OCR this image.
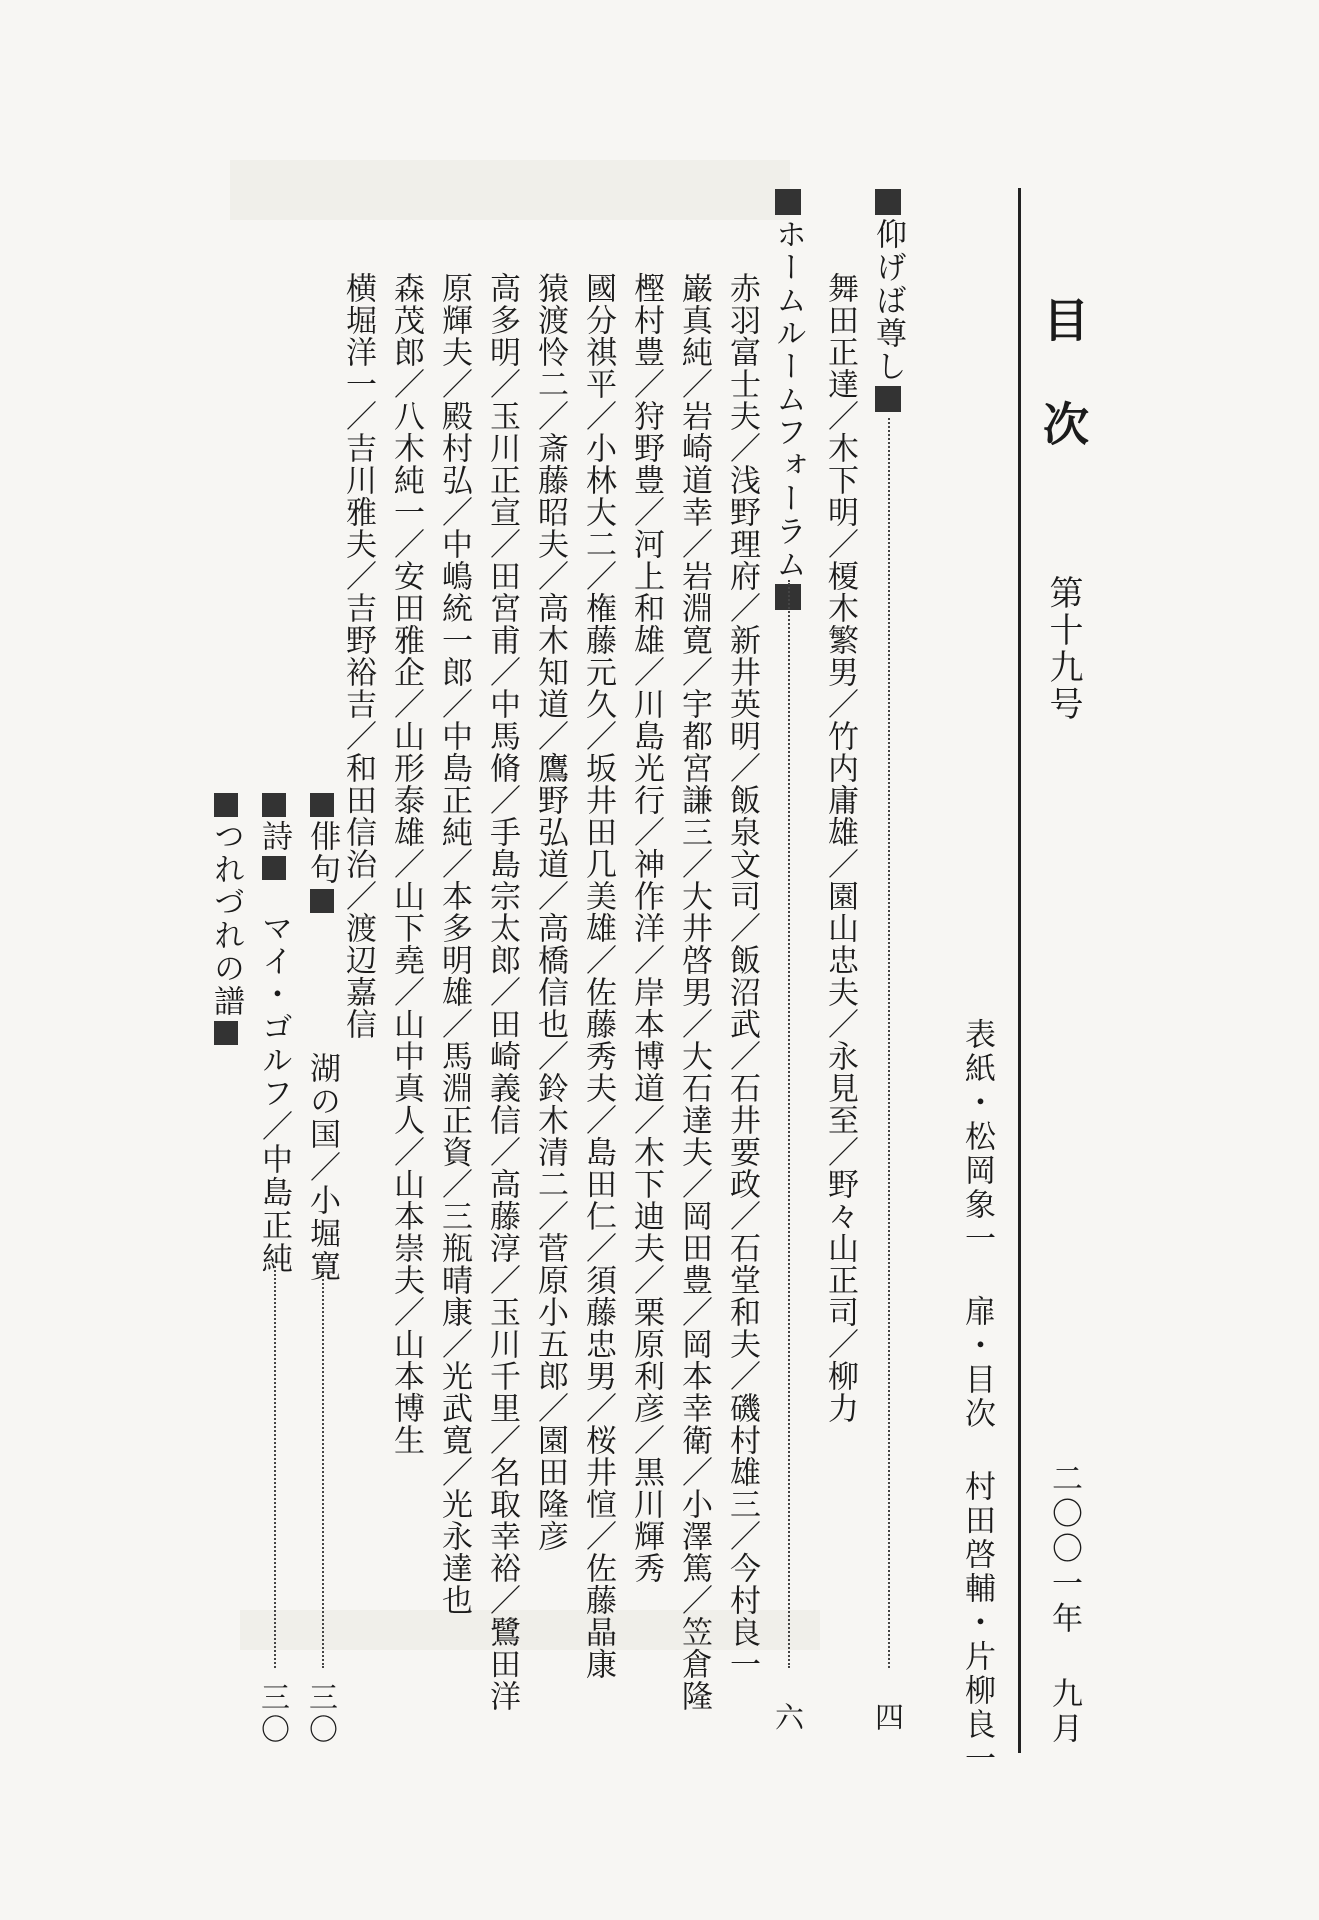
目次
第十九号
二〇〇一年 九月
表紙・松岡象一 扉・目次 村田啓輔・片柳良一
仰げば尊し
四
舞田正達／木下明／榎木繁男／竹内庸雄／園山忠夫／永見至／野々山正司／柳力
ホームルームフォーラム
六
赤羽富士夫／浅野理府／新井英明／飯泉文司／飯沼武／石井要政／石堂和夫／磯村雄三／今村良一
巌真純／岩崎道幸／岩淵寛／宇都宮謙三／大井啓男／大石達夫／岡田豊／岡本幸衛／小澤篤／笠倉隆
樫村豊／狩野豊／河上和雄／川島光行／神作洋／岸本博道／木下迪夫／栗原利彦／黒川輝秀
國分祺平／小林大二／権藤元久／坂井田几美雄／佐藤秀夫／島田仁／須藤忠男／桜井愃／佐藤晶康
猿渡怜二／斎藤昭夫／高木知道／鷹野弘道／高橋信也／鈴木清二／菅原小五郎／園田隆彦
高多明／玉川正宣／田宮甫／中馬脩／手島宗太郎／田崎義信／高藤淳／玉川千里／名取幸裕／鷺田洋
原輝夫／殿村弘／中嶋統一郎／中島正純／本多明雄／馬淵正資／三瓶晴康／光武寛／光永達也
森茂郎／八木純一／安田雅企／山形泰雄／山下堯／山中真人／山本崇夫／山本博生
横堀洋一／吉川雅夫／吉野裕吉／和田信治／渡辺嘉信
俳句
湖の国／小堀寛
三〇
詩
マイ・ゴルフ／中島正純
三〇
つれづれの譜
